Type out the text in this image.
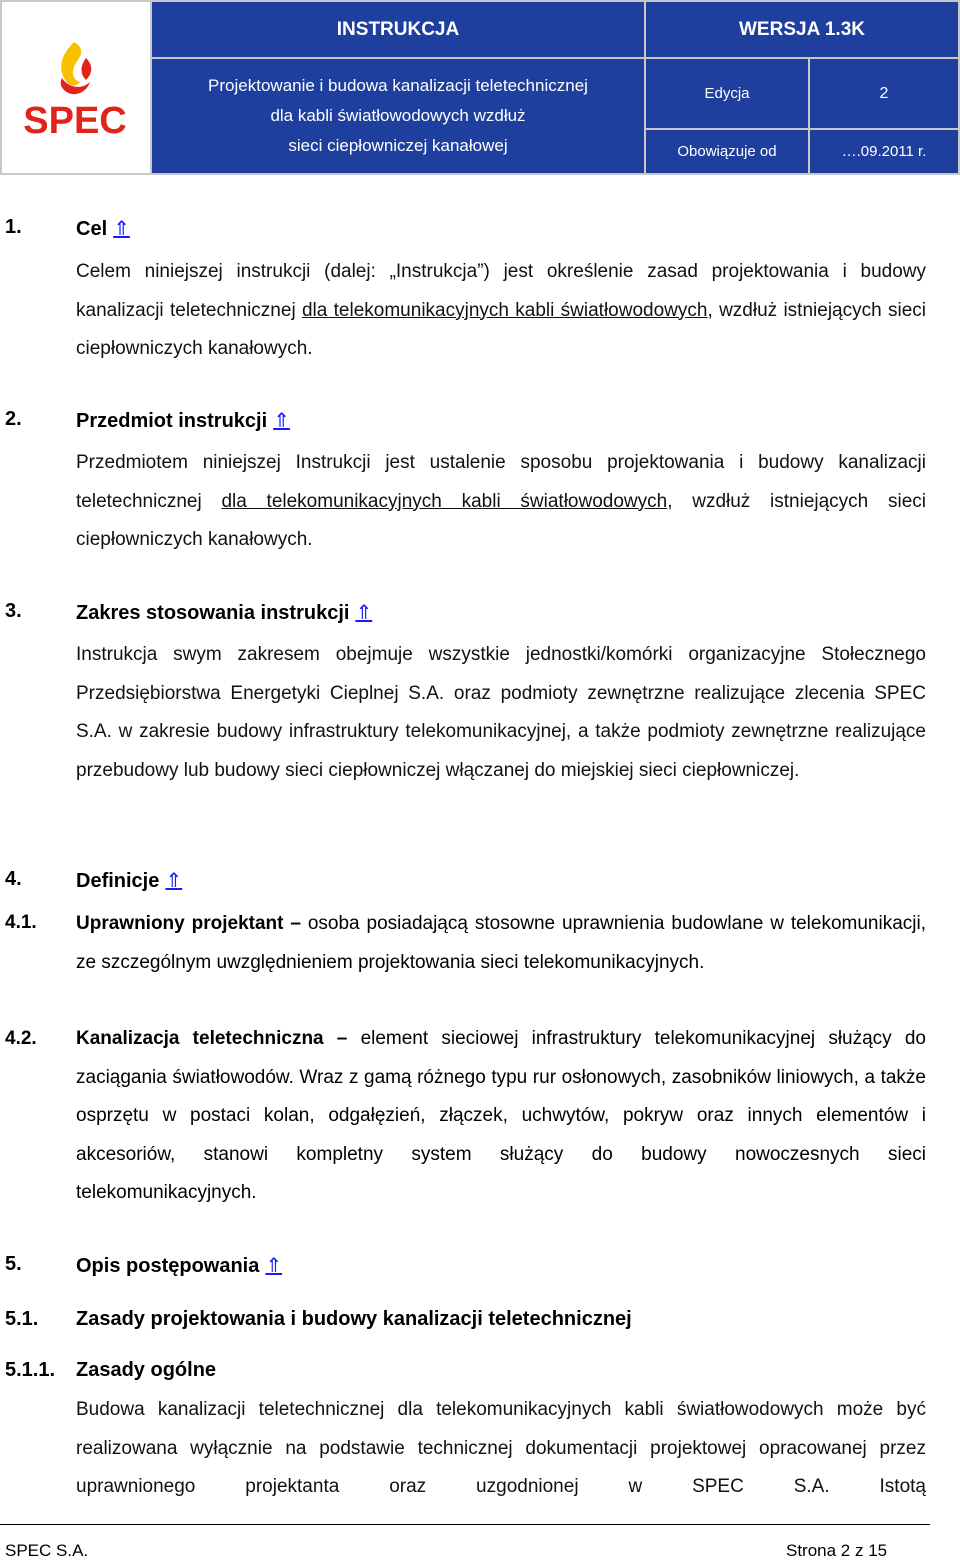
SPEC	INSTRUKCJA	WERSJA 1.3K	

	Projektowanie i budowa kanalizacji teletechnicznej
dla kabli światłowodowych wzdłuż
sieci ciepłowniczej kanałowej	Edycja	2
		Obowiązuje od	….09.2011 r.
1.	Cel ⇑
Celem niniejszej instrukcji (dalej: „Instrukcja”) jest określenie zasad projektowania i budowy kanalizacji teletechnicznej dla telekomunikacyjnych kabli światłowodowych, wzdłuż istniejących sieci ciepłowniczych kanałowych.
2.	Przedmiot instrukcji ⇑
Przedmiotem niniejszej Instrukcji jest ustalenie sposobu projektowania i budowy kanalizacji teletechnicznej dla telekomunikacyjnych kabli światłowodowych, wzdłuż istniejących sieci ciepłowniczych kanałowych.
3.	Zakres stosowania instrukcji ⇑
Instrukcja swym zakresem obejmuje wszystkie jednostki/komórki organizacyjne Stołecznego Przedsiębiorstwa Energetyki Cieplnej S.A. oraz podmioty zewnętrzne realizujące zlecenia SPEC S.A. w zakresie budowy infrastruktury telekomunikacyjnej, a także podmioty zewnętrzne realizujące przebudowy lub budowy sieci ciepłowniczej włączanej do miejskiej sieci ciepłowniczej.
4.	Definicje ⇑
4.1. Uprawniony projektant – osoba posiadającą stosowne uprawnienia budowlane w telekomunikacji, ze szczególnym uwzględnieniem projektowania sieci telekomunikacyjnych.
4.2. Kanalizacja teletechniczna – element sieciowej infrastruktury telekomunikacyjnej służący do zaciągania światłowodów. Wraz z gamą różnego typu rur osłonowych, zasobników liniowych, a także osprzętu w postaci kolan, odgałęzień, złączek, uchwytów, pokryw oraz innych elementów i akcesoriów, stanowi kompletny system służący do budowy nowoczesnych sieci telekomunikacyjnych.
5.	Opis postępowania ⇑
5.1. Zasady projektowania i budowy kanalizacji teletechnicznej
5.1.1. Zasady ogólne
Budowa kanalizacji teletechnicznej dla telekomunikacyjnych kabli światłowodowych może być realizowana wyłącznie na podstawie technicznej dokumentacji projektowej opracowanej przez uprawnionego projektanta oraz uzgodnionej w SPEC S.A. Istotą
SPEC S.A.	Strona 2 z 15
